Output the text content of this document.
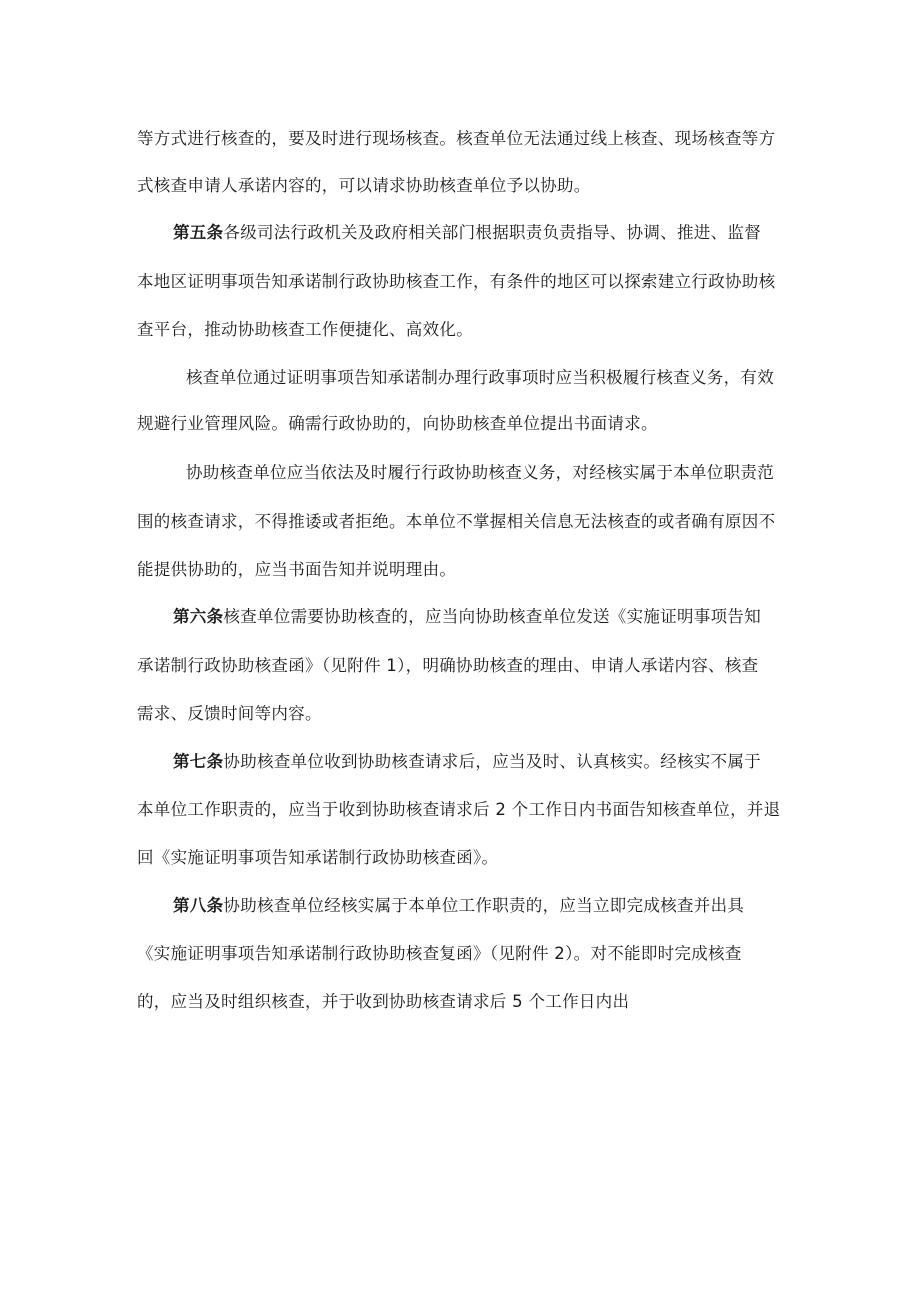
等方式进行核查的，要及时进行现场核查。核查单位无法通过线上核查、现场核查等方
式核查申请人承诺内容的，可以请求协助核查单位予以协助。
第五条各级司法行政机关及政府相关部门根据职责负责指导、协调、推进、监督
本地区证明事项告知承诺制行政协助核查工作，有条件的地区可以探索建立行政协助核
查平台，推动协助核查工作便捷化、高效化。
核查单位通过证明事项告知承诺制办理行政事项时应当积极履行核查义务，有效
规避行业管理风险。确需行政协助的，向协助核查单位提出书面请求。
协助核查单位应当依法及时履行行政协助核查义务，对经核实属于本单位职责范
围的核查请求，不得推诿或者拒绝。本单位不掌握相关信息无法核查的或者确有原因不
能提供协助的，应当书面告知并说明理由。
第六条核查单位需要协助核查的，应当向协助核查单位发送《实施证明事项告知
承诺制行政协助核查函》（见附件 1），明确协助核查的理由、申请人承诺内容、核查
需求、反馈时间等内容。
第七条协助核查单位收到协助核查请求后，应当及时、认真核实。经核实不属于
本单位工作职责的，应当于收到协助核查请求后 2 个工作日内书面告知核查单位，并退
回《实施证明事项告知承诺制行政协助核查函》。
第八条协助核查单位经核实属于本单位工作职责的，应当立即完成核查并出具
《实施证明事项告知承诺制行政协助核查复函》（见附件 2）。对不能即时完成核查
的，应当及时组织核查，并于收到协助核查请求后 5 个工作日内出
